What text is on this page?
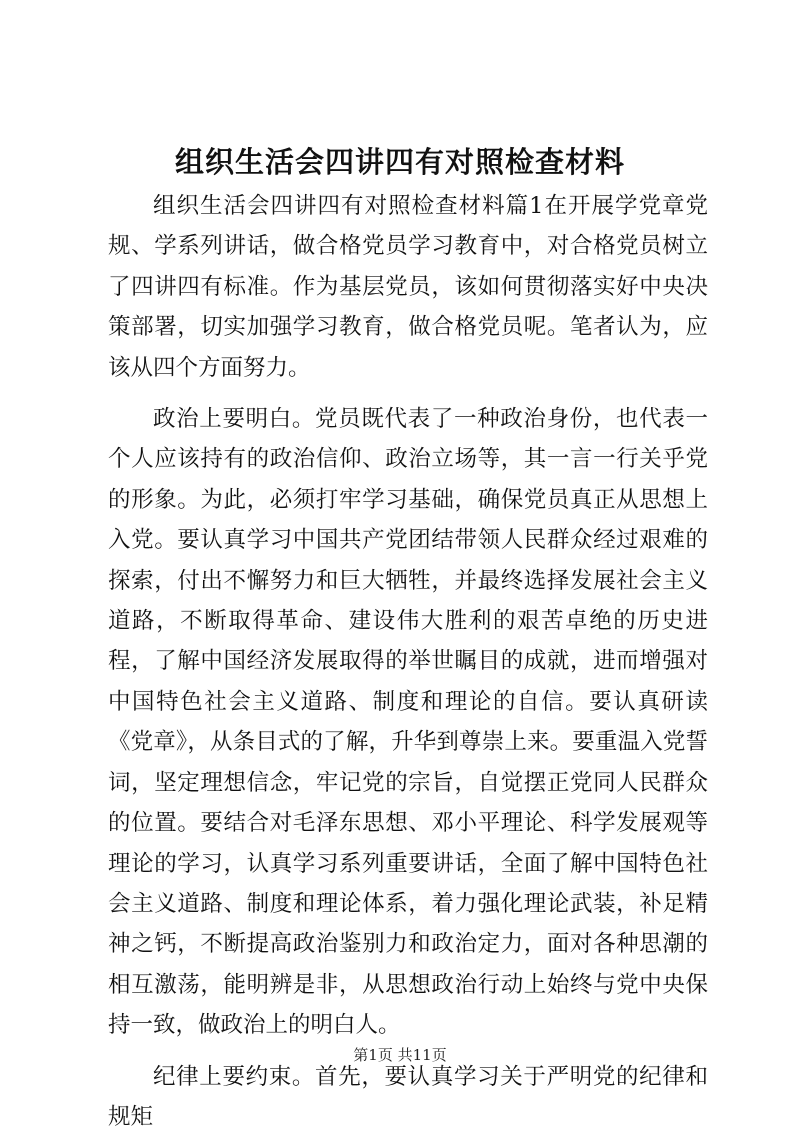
组织生活会四讲四有对照检查材料

组织生活会四讲四有对照检查材料篇1在开展学党章党规、学系列讲话，做合格党员学习教育中，对合格党员树立了四讲四有标准。作为基层党员，该如何贯彻落实好中央决策部署，切实加强学习教育，做合格党员呢。笔者认为，应该从四个方面努力。

政治上要明白。党员既代表了一种政治身份，也代表一个人应该持有的政治信仰、政治立场等，其一言一行关乎党的形象。为此，必须打牢学习基础，确保党员真正从思想上入党。要认真学习中国共产党团结带领人民群众经过艰难的探索，付出不懈努力和巨大牺牲，并最终选择发展社会主义道路，不断取得革命、建设伟大胜利的艰苦卓绝的历史进程，了解中国经济发展取得的举世瞩目的成就，进而增强对中国特色社会主义道路、制度和理论的自信。要认真研读《党章》，从条目式的了解，升华到尊崇上来。要重温入党誓词，坚定理想信念，牢记党的宗旨，自觉摆正党同人民群众的位置。要结合对毛泽东思想、邓小平理论、科学发展观等理论的学习，认真学习系列重要讲话，全面了解中国特色社会主义道路、制度和理论体系，着力强化理论武装，补足精神之钙，不断提高政治鉴别力和政治定力，面对各种思潮的相互激荡，能明辨是非，从思想政治行动上始终与党中央保持一致，做政治上的明白人。

纪律上要约束。首先，要认真学习关于严明党的纪律和规矩

第1页 共11页
